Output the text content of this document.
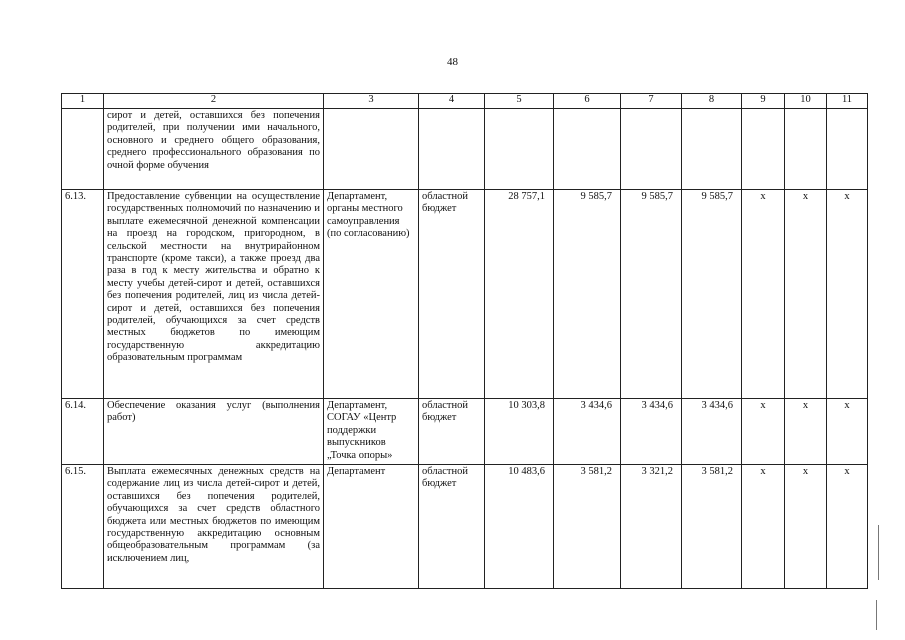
48
1	2	3	4	5	6	7	8	9	10	11
	сирот и детей, оставшихся без попечения родителей, при получении ими начального, основного и среднего общего образования, среднего профессионального образования по очной форме обучения									
6.13.	Предоставление субвенции на осуществление государственных полномочий по назначению и выплате ежемесячной денежной компенсации на проезд на городском, пригородном, в сельской местности на внутрирайонном транспорте (кроме такси), а также проезд два раза в год к месту жительства и обратно к месту учебы детей-сирот и детей, оставшихся без попечения родителей, лиц из числа детей-сирот и детей, оставшихся без попечения родителей, обучающихся за счет средств местных бюджетов по имеющим государственную аккредитацию образовательным программам	Департамент, органы местного самоуправления (по согласованию)	областной бюджет	28 757,1	9 585,7	9 585,7	9 585,7	x	x	x
6.14.	Обеспечение оказания услуг (выполнения работ)	Департамент, СОГАУ «Центр поддержки выпускников „Точка опоры»	областной бюджет	10 303,8	3 434,6	3 434,6	3 434,6	x	x	x
6.15.	Выплата ежемесячных денежных средств на содержание лиц из числа детей-сирот и детей, оставшихся без попечения родителей, обучающихся за счет средств областного бюджета или местных бюджетов по имеющим государственную аккредитацию основным общеобразовательным программам (за исключением лиц,	Департамент	областной бюджет	10 483,6	3 581,2	3 321,2	3 581,2	x	x	x
